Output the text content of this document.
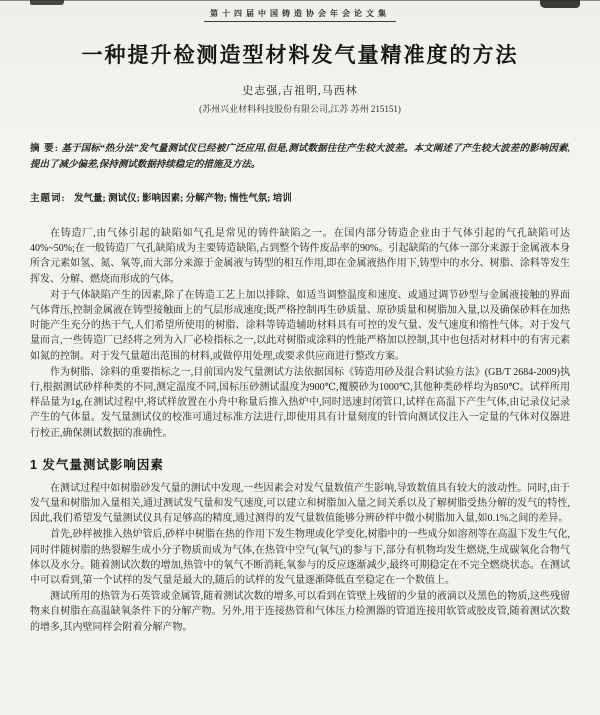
第十四届中国铸造协会年会论文集
一种提升检测造型材料发气量精准度的方法
史志强,吉祖明,马西林
(苏州兴业材料科技股份有限公司,江苏 苏州 215151)
摘 要: 基于国标“热分法”发气量测试仪已经被广泛应用,但是,测试数据往往产生较大波差。本文阐述了产生较大波差的影响因素,提出了减少偏差,保持测试数据持续稳定的措施及方法。
主题词: 发气量; 测试仪; 影响因素; 分解产物; 惰性气氛; 培训

在铸造厂,由气体引起的缺陷如气孔是常见的铸件缺陷之一。在国内部分铸造企业由于气体引起的气孔缺陷可达40%~50%;在一般铸造厂气孔缺陷成为主要铸造缺陷,占到整个铸件废品率的90%。引起缺陷的气体一部分来源于金属液本身所含元素如氢、氮、氧等,而大部分来源于金属液与铸型的相互作用,即在金属液热作用下,铸型中的水分、树脂、涂料等发生挥发、分解、燃烧而形成的气体。

对于气体缺陷产生的因素,除了在铸造工艺上加以排除、如适当调整温度和速度、或通过调节砂型与金属液接触的界面气体背压,控制金属液在铸型接触面上的气层形成速度;既严格控制再生砂质量、原砂质量和树脂加入量,以及确保砂料在加热时能产生充分的热干气,人们希望所使用的树脂、涂料等铸造辅助材料具有可控的发气量、发气速度和惰性气体。对于发气量而言,一些铸造厂已经将之列为入厂必检指标之一,以此对树脂或涂料的性能严格加以控制,其中也包括对材料中的有害元素如氮的控制。对于发气量超出范围的材料,或做停用处理,或要求供应商进行整改方案。

作为树脂、涂料的重要指标之一,目前国内发气量测试方法依据国标《铸造用砂及混合料试验方法》(GB/T 2684-2009)执行,根据测试砂样种类的不同,测定温度不同,国标压砂测试温度为900℃,覆膜砂为1000℃,其他种类砂样均为850℃。试样所用样品量为1g,在测试过程中,将试样放置在小舟中称量后推入热炉中,同时迅速封闭管口,试样在高温下产生气体,由记录仪记录产生的气体量。发气量测试仪的校准可通过标准方法进行,即使用具有计量刻度的针管向测试仪注入一定量的气体对仪器进行校正,确保测试数据的准确性。

1 发气量测试影响因素

在测试过程中如树脂砂发气量的测试中发现,一些因素会对发气量数值产生影响,导致数值具有较大的波动性。同时,由于发气量和树脂加入量相关,通过测试发气量和发气速度,可以建立和树脂加入量之间关系以及了解树脂受热分解的发气的特性,因此,我们希望发气量测试仪具有足够高的精度,通过测得的发气量数值能够分辨砂样中微小树脂加入量,如0.1%之间的差异。

首先,砂样被推入热炉管后,砂样中树脂在热的作用下发生物理或化学变化,树脂中的一些成分如溶剂等在高温下发生气化,同时伴随树脂的热裂解生成小分子物质而成为气体,在热管中空气(氧气)的参与下,部分有机物均发生燃烧,生成碳氧化合物气体以及水分。随着测试次数的增加,热管中的氧气不断消耗,氧参与的反应逐渐减少,最终可期稳定在不完全燃烧状态。在测试中可以看到,第一个试样的发气量是最大的,随后的试样的发气量逐渐降低直至稳定在一个数值上。

测试所用的热管为石英管或金属管,随着测试次数的增多,可以看到在管壁上残留的少量的液滴以及黑色的物质,这些残留物来自树脂在高温缺氧条件下的分解产物。另外,用于连接热管和气体压力检测器的管道连接用软管或胶皮管,随着测试次数的增多,其内壁同样会附着分解产物。
